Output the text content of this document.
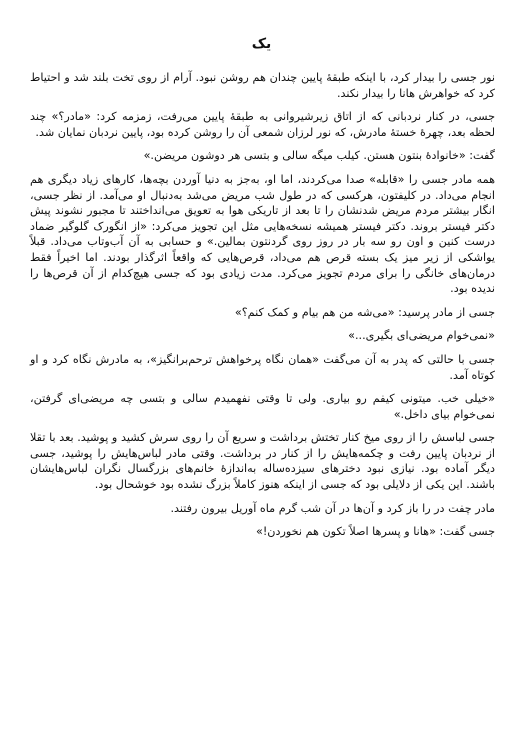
یک

نور جسی را بیدار کرد، با اینکه طبقهٔ پایین چندان هم روشن نبود. آرام از روی تخت بلند شد و احتیاط کرد که خواهرش هانا را بیدار نکند.

جسی، در کنار نردبانی که از اتاق زیرشیروانی به طبقهٔ پایین می‌رفت، زمزمه کرد: «مادر؟» چند لحظه بعد، چهرهٔ خستهٔ مادرش، که نور لرزان شمعی آن را روشن کرده بود، پایین نردبان نمایان شد.

گفت: «خانوادهٔ بنتون هستن. کیلب میگه سالی و بتسی هر دوشون مریضن.»

همه مادر جسی را «قابله» صدا می‌کردند، اما او، به‌جز به دنیا آوردن بچه‌ها، کارهای زیاد دیگری هم انجام می‌داد. در کلیفتون، هرکسی که در طول شب مریض می‌شد به‌دنبال او می‌آمد. از نظر جسی، انگار بیشتر مردم مریض شدنشان را تا بعد از تاریکی هوا به تعویق می‌انداختند تا مجبور نشوند پیش دکتر فیستر بروند. دکتر فیستر همیشه نسخه‌هایی مثل این تجویز می‌کرد: «از انگورک گلوگیر ضماد درست کنین و اون رو سه بار در روز روی گردنتون بمالین.» و حسابی به آن آب‌وتاب می‌داد. قبلاً یواشکی از زیر میز یک بسته قرص هم می‌داد، قرص‌هایی که واقعاً اثرگذار بودند. اما اخیراً فقط درمان‌های خانگی را برای مردم تجویز می‌کرد. مدت زیادی بود که جسی هیچ‌کدام از آن قرص‌ها را ندیده بود.

جسی از مادر پرسید: «می‌شه من هم بیام و کمک کنم؟»

«نمی‌خوام مریضی‌ای بگیری...»

جسی با حالتی که پدر به آن می‌گفت «همان نگاه پرخواهش ترحم‌برانگیز»، به مادرش نگاه کرد و او کوتاه آمد.

«خیلی خب. میتونی کیفم رو بیاری. ولی تا وقتی نفهمیدم سالی و بتسی چه مریضی‌ای گرفتن، نمی‌خوام بیای داخل.»

جسی لباسش را از روی میخ کنار تختش برداشت و سریع آن را روی سرش کشید و پوشید. بعد با تقلا از نردبان پایین رفت و چکمه‌هایش را از کنار در برداشت. وقتی مادر لباس‌هایش را پوشید، جسی دیگر آماده بود. نیازی نبود دخترهای سیزده‌ساله به‌اندازهٔ خانم‌های بزرگسال نگران لباس‌هایشان باشند. این یکی از دلایلی بود که جسی از اینکه هنوز کاملاً بزرگ نشده بود خوشحال بود.

مادر چفت در را باز کرد و آن‌ها در آن شب گرم ماه آوریل بیرون رفتند.

جسی گفت: «هانا و پسرها اصلاً تکون هم نخوردن!»
